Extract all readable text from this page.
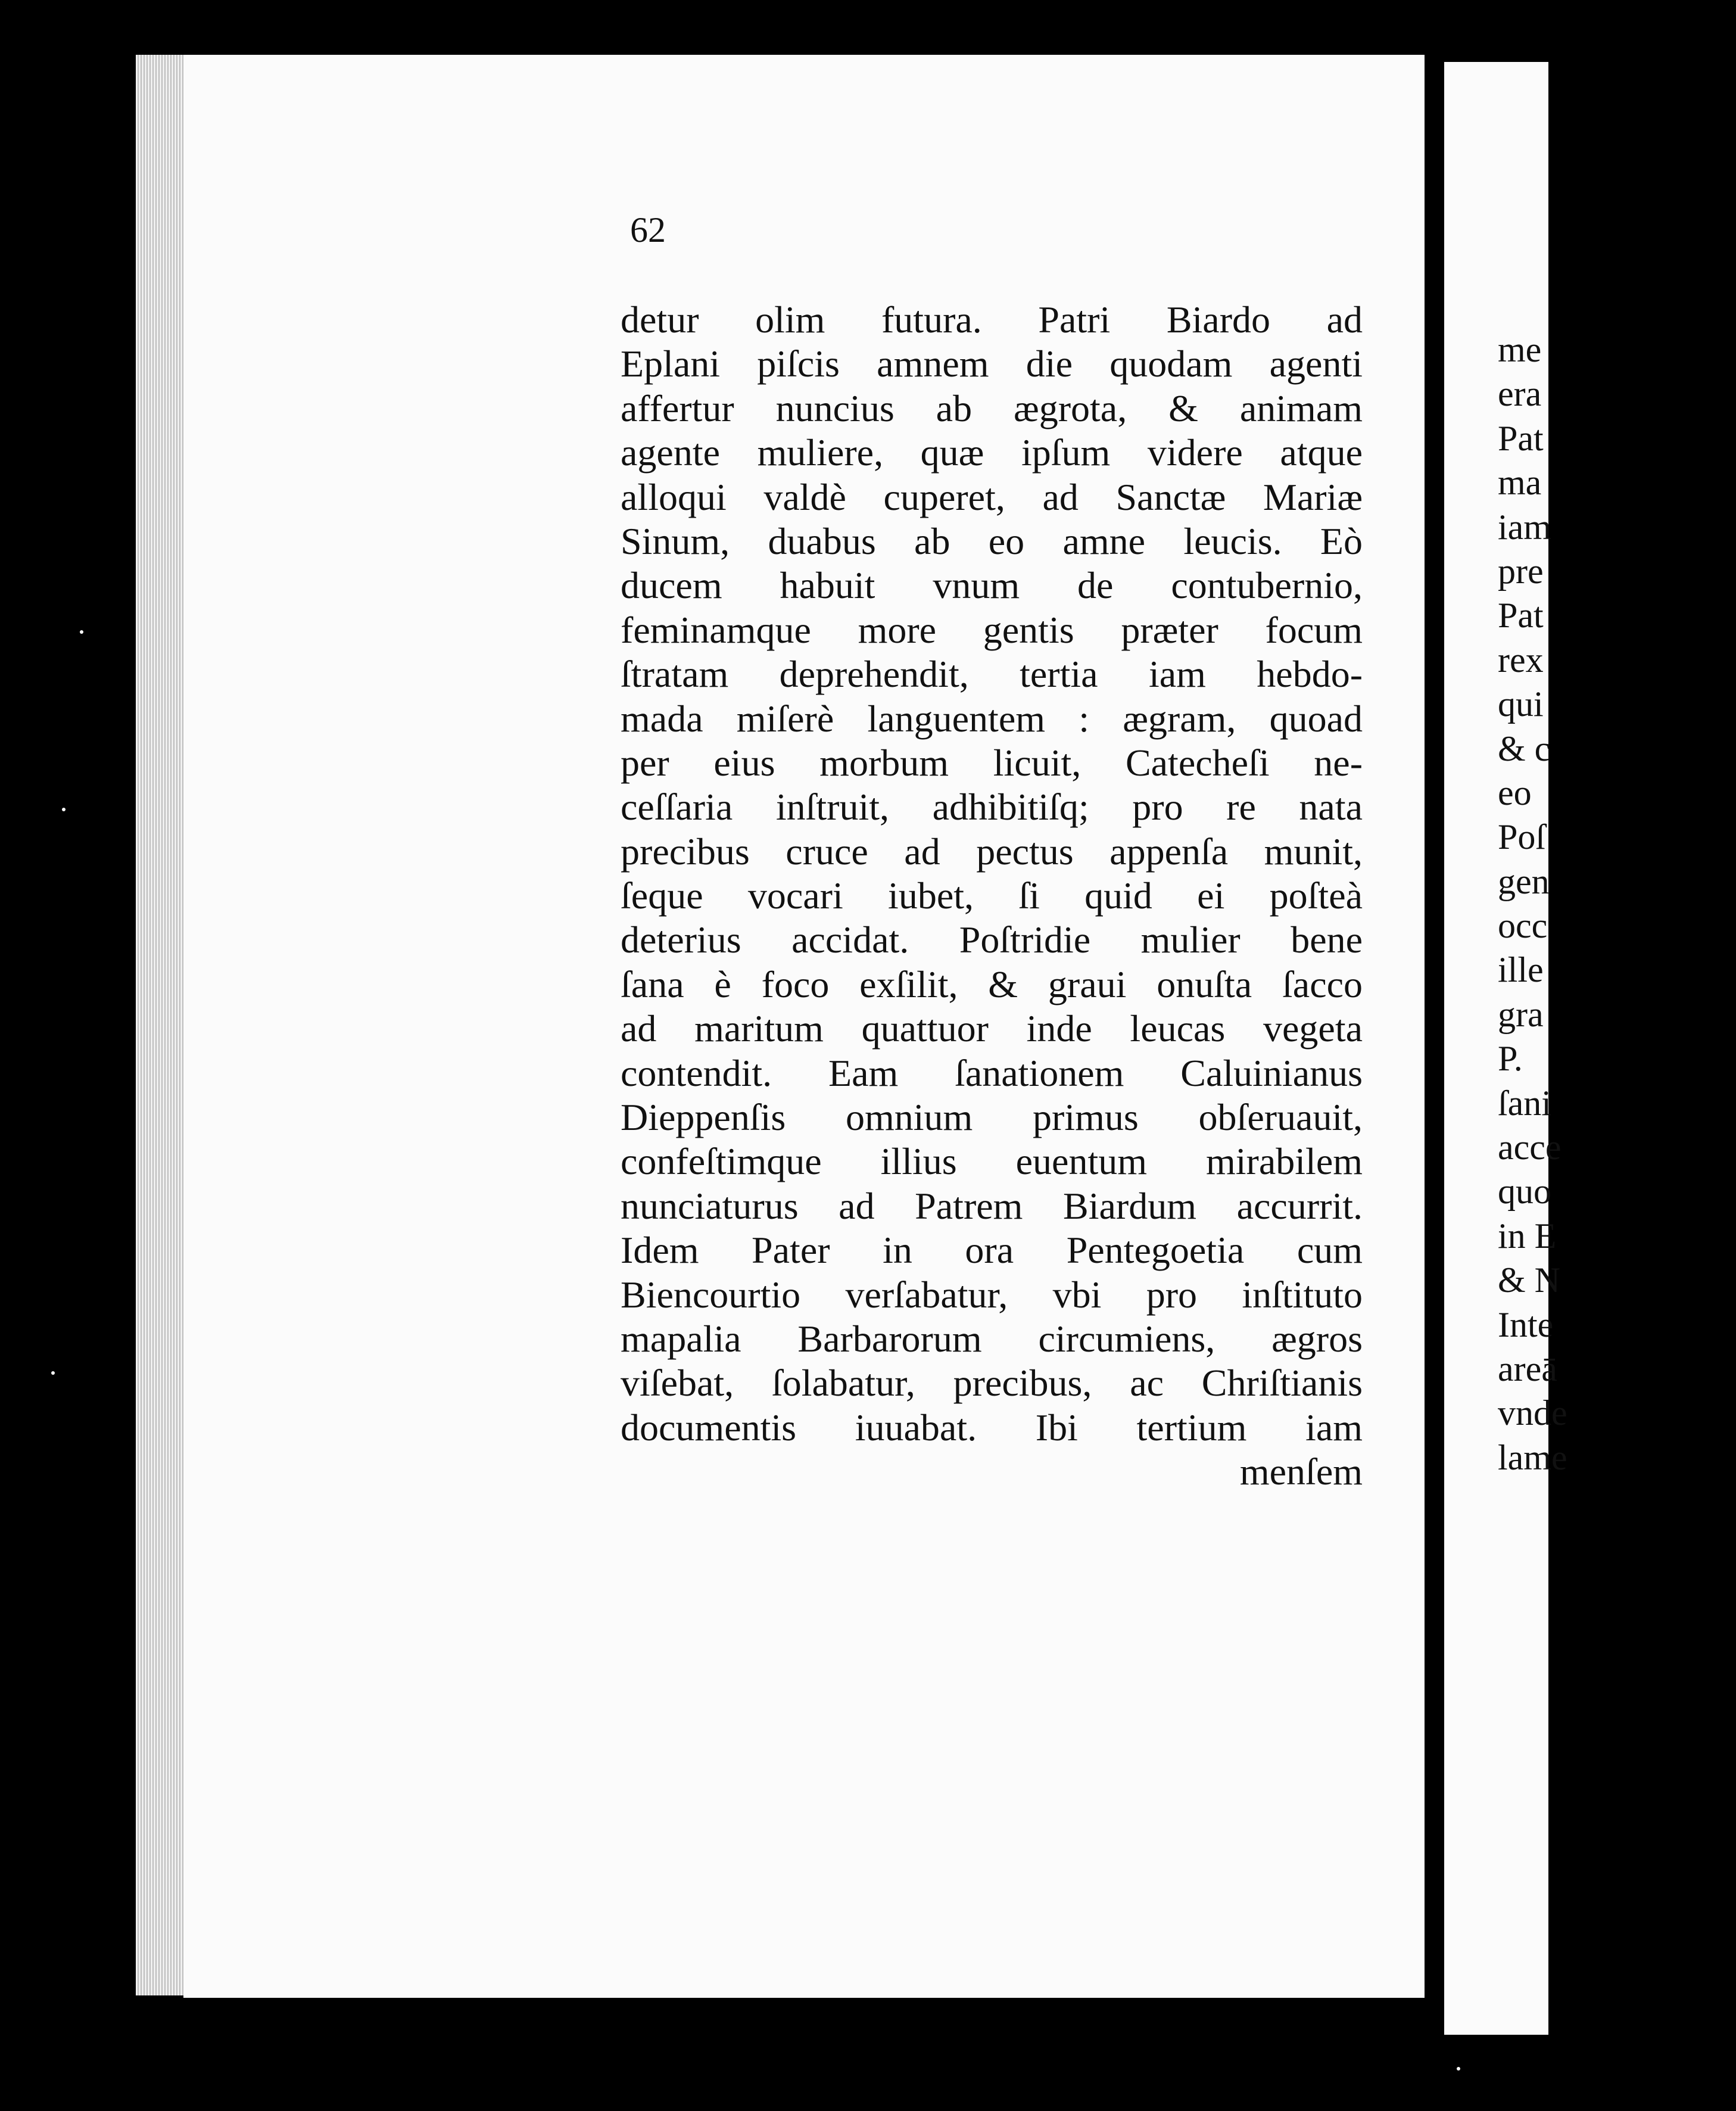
62
detur olim futura. Patri Biardo ad
Eplani piſcis amnem die quodam agenti
affertur nuncius ab ægrota, & animam
agente muliere, quæ ipſum videre atque
alloqui valdè cuperet, ad Sanctæ Mariæ
Sinum, duabus ab eo amne leucis. Eò
ducem habuit vnum de contubernio,
feminamque more gentis præter focum
ſtratam deprehendit, tertia iam hebdo-
mada miſerè languentem : ægram, quoad
per eius morbum licuit, Catecheſi ne-
ceſſaria inſtruit, adhibitiſq; pro re nata
precibus cruce ad pectus appenſa munit,
ſeque vocari iubet, ſi quid ei poſteà
deterius accidat. Poſtridie mulier bene
ſana è foco exſilit, & graui onuſta ſacco
ad maritum quattuor inde leucas vegeta
contendit. Eam ſanationem Caluinianus
Dieppenſis omnium primus obſeruauit,
confeſtimque illius euentum mirabilem
nunciaturus ad Patrem Biardum accurrit.
Idem Pater in ora Pentegoetia cum
Biencourtio verſabatur, vbi pro inſtituto
mapalia Barbarorum circumiens, ægros
viſebat, ſolabatur, precibus, ac Chriſtianis
documentis iuuabat. Ibi tertium iam
menſem
me
era
Pat
ma
iam
pre
Pat
rex
qui
& c
eo
Poſ
gen
occ
ille
gra
P.
ſani
acce
quo
in E
& N
Inte
areā
vnde
lame
